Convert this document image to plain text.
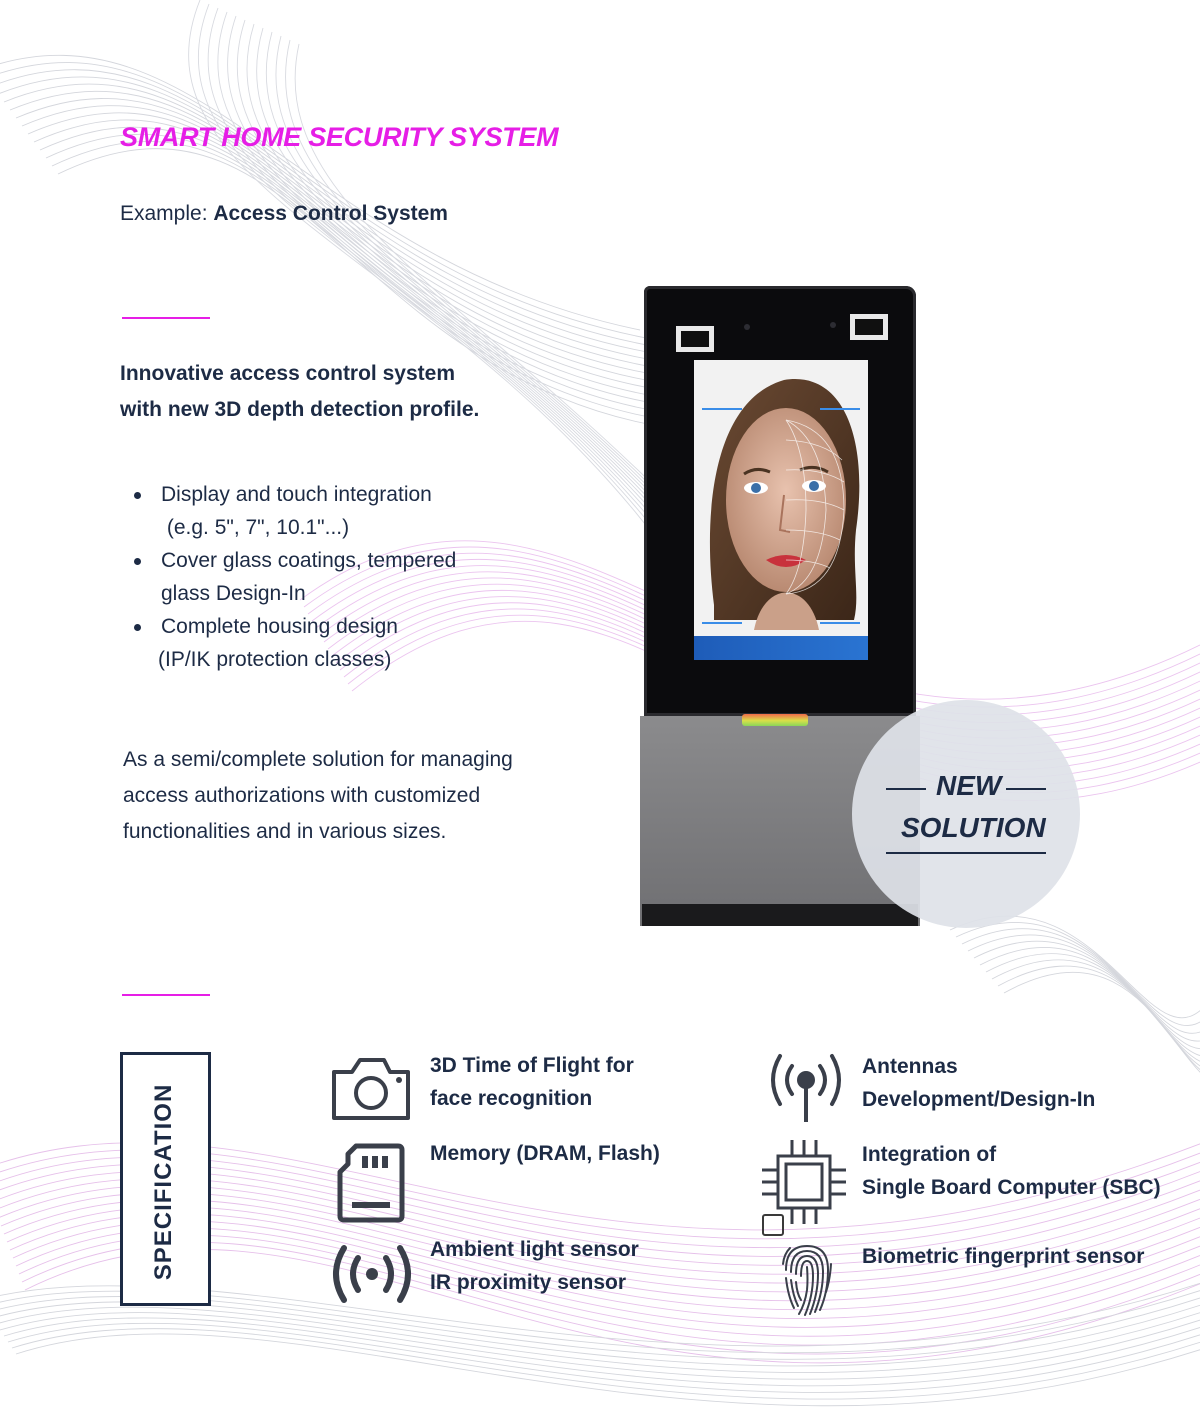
SMART HOME SECURITY SYSTEM
Example: Access Control System
Innovative access control system
with new 3D depth detection profile.
Display and touch integration
(e.g. 5", 7", 10.1"...)
Cover glass coatings, tempered
glass Design-In
Complete housing design
(IP/IK protection classes)
As a semi/complete solution for managing
access authorizations with customized
functionalities and in various sizes.
NEW
SOLUTION
SPECIFICATION
3D Time of Flight for
face recognition
Memory (DRAM, Flash)
Ambient light sensor
IR proximity sensor
Antennas
Development/Design-In
Integration of
Single Board Computer (SBC)
Biometric fingerprint sensor
